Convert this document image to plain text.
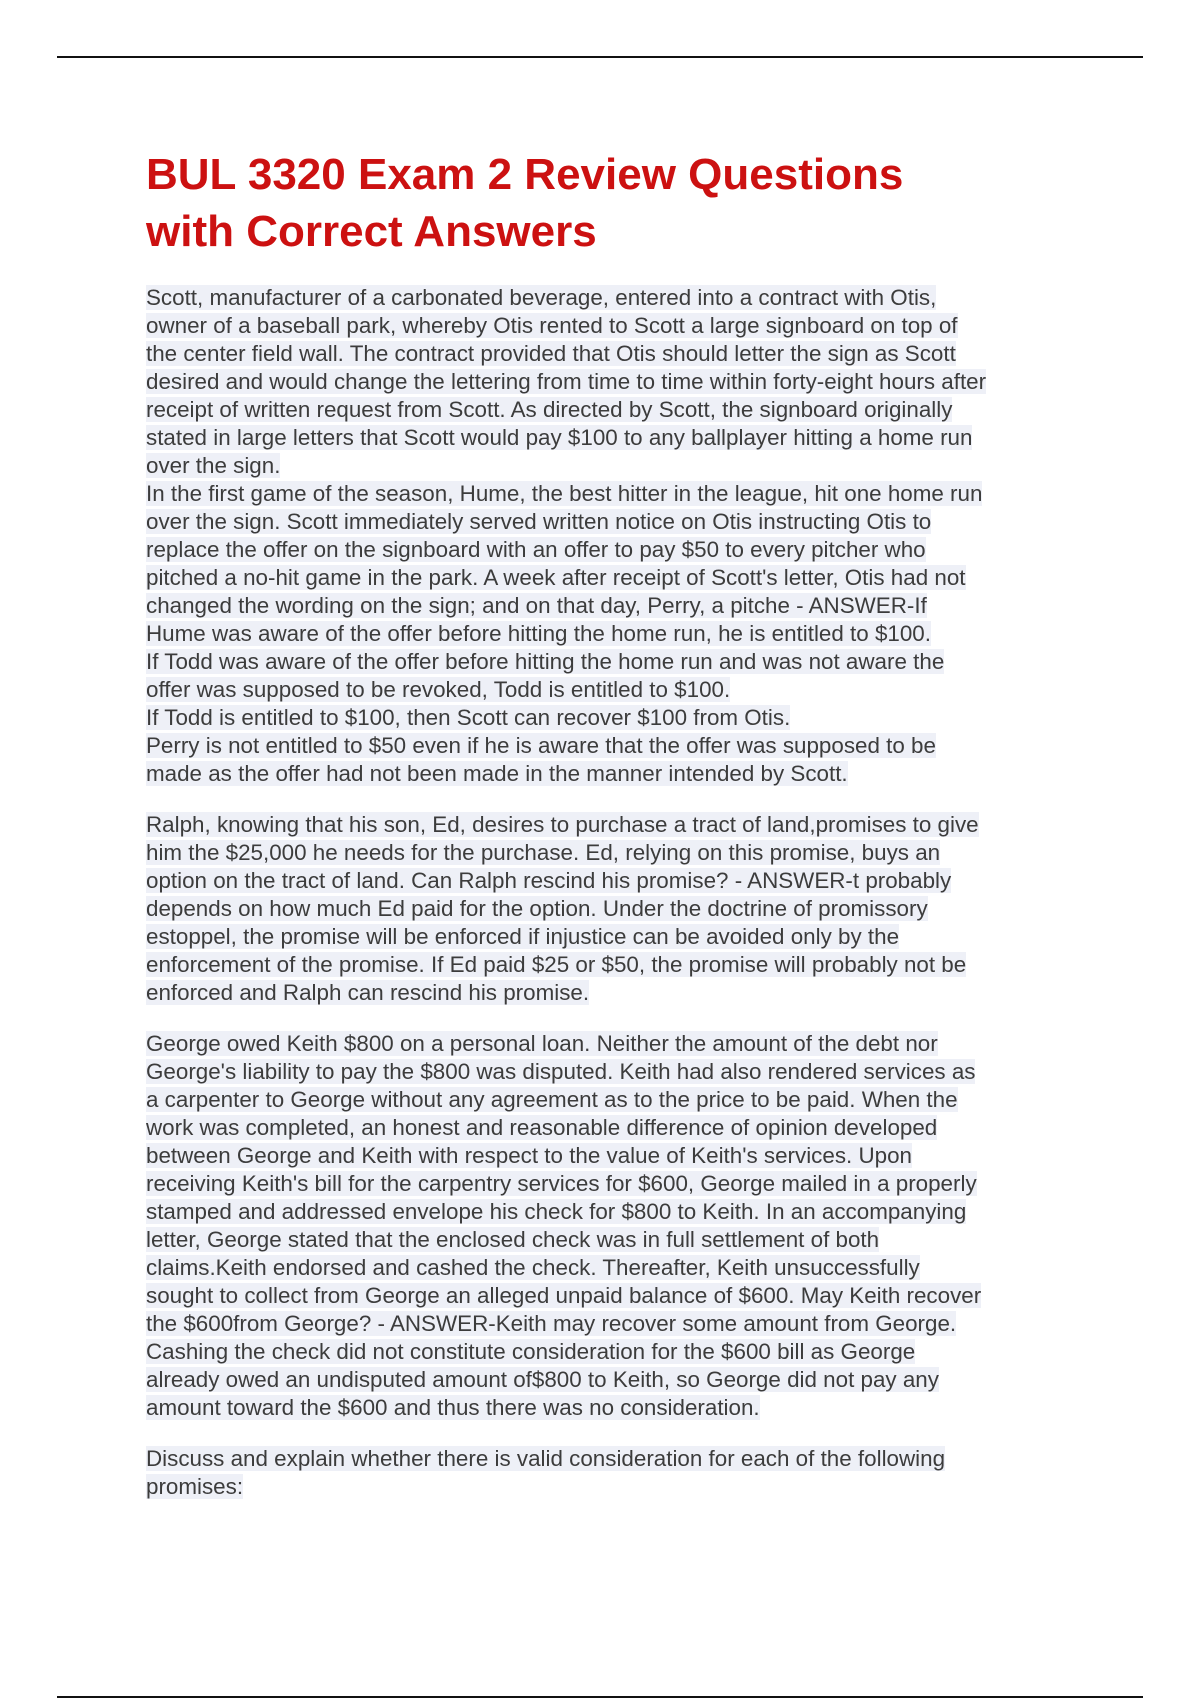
BUL 3320 Exam 2 Review Questions
with Correct Answers
Scott, manufacturer of a carbonated beverage, entered into a contract with Otis,
owner of a baseball park, whereby Otis rented to Scott a large signboard on top of
the center field wall. The contract provided that Otis should letter the sign as Scott
desired and would change the lettering from time to time within forty-eight hours after
receipt of written request from Scott. As directed by Scott, the signboard originally
stated in large letters that Scott would pay $100 to any ballplayer hitting a home run
over the sign.
In the first game of the season, Hume, the best hitter in the league, hit one home run
over the sign. Scott immediately served written notice on Otis instructing Otis to
replace the offer on the signboard with an offer to pay $50 to every pitcher who
pitched a no-hit game in the park. A week after receipt of Scott's letter, Otis had not
changed the wording on the sign; and on that day, Perry, a pitche - ANSWER-If
Hume was aware of the offer before hitting the home run, he is entitled to $100.
If Todd was aware of the offer before hitting the home run and was not aware the
offer was supposed to be revoked, Todd is entitled to $100.
If Todd is entitled to $100, then Scott can recover $100 from Otis.
Perry is not entitled to $50 even if he is aware that the offer was supposed to be
made as the offer had not been made in the manner intended by Scott.
Ralph, knowing that his son, Ed, desires to purchase a tract of land,promises to give
him the $25,000 he needs for the purchase. Ed, relying on this promise, buys an
option on the tract of land. Can Ralph rescind his promise? - ANSWER-t probably
depends on how much Ed paid for the option. Under the doctrine of promissory
estoppel, the promise will be enforced if injustice can be avoided only by the
enforcement of the promise. If Ed paid $25 or $50, the promise will probably not be
enforced and Ralph can rescind his promise.
George owed Keith $800 on a personal loan. Neither the amount of the debt nor
George's liability to pay the $800 was disputed. Keith had also rendered services as
a carpenter to George without any agreement as to the price to be paid. When the
work was completed, an honest and reasonable difference of opinion developed
between George and Keith with respect to the value of Keith's services. Upon
receiving Keith's bill for the carpentry services for $600, George mailed in a properly
stamped and addressed envelope his check for $800 to Keith. In an accompanying
letter, George stated that the enclosed check was in full settlement of both
claims.Keith endorsed and cashed the check. Thereafter, Keith unsuccessfully
sought to collect from George an alleged unpaid balance of $600. May Keith recover
the $600from George? - ANSWER-Keith may recover some amount from George.
Cashing the check did not constitute consideration for the $600 bill as George
already owed an undisputed amount of$800 to Keith, so George did not pay any
amount toward the $600 and thus there was no consideration.
Discuss and explain whether there is valid consideration for each of the following
promises:
